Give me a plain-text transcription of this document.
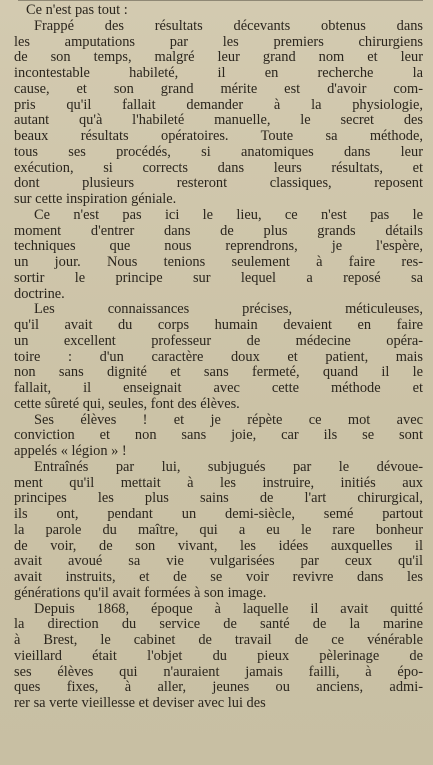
Ce n'est pas tout :

Frappé des résultats décevants obtenus dans
les amputations par les premiers chirurgiens
de son temps, malgré leur grand nom et leur
incontestable habileté, il en recherche la
cause, et son grand mérite est d'avoir com-
pris qu'il fallait demander à la physiologie,
autant qu'à l'habileté manuelle, le secret des
beaux résultats opératoires. Toute sa méthode,
tous ses procédés, si anatomiques dans leur
exécution, si corrects dans leurs résultats, et
dont plusieurs resteront classiques, reposent
sur cette inspiration géniale.

Ce n'est pas ici le lieu, ce n'est pas le
moment d'entrer dans de plus grands détails
techniques que nous reprendrons, je l'espère,
un jour. Nous tenions seulement à faire res-
sortir le principe sur lequel a reposé sa
doctrine.

Les connaissances précises, méticuleuses,
qu'il avait du corps humain devaient en faire
un excellent professeur de médecine opéra-
toire : d'un caractère doux et patient, mais
non sans dignité et sans fermeté, quand il le
fallait, il enseignait avec cette méthode et
cette sûreté qui, seules, font des élèves.

Ses élèves ! et je répète ce mot avec
conviction et non sans joie, car ils se sont
appelés « légion » !

Entraînés par lui, subjugués par le dévoue-
ment qu'il mettait à les instruire, initiés aux
principes les plus sains de l'art chirurgical,
ils ont, pendant un demi-siècle, semé partout
la parole du maître, qui a eu le rare bonheur
de voir, de son vivant, les idées auxquelles il
avait avoué sa vie vulgarisées par ceux qu'il
avait instruits, et de se voir revivre dans les
générations qu'il avait formées à son image.

Depuis 1868, époque à laquelle il avait quitté
la direction du service de santé de la marine
à Brest, le cabinet de travail de ce vénérable
vieillard était l'objet du pieux pèlerinage de
ses élèves qui n'auraient jamais failli, à épo-
ques fixes, à aller, jeunes ou anciens, admi-
rer sa verte vieillesse et deviser avec lui des
